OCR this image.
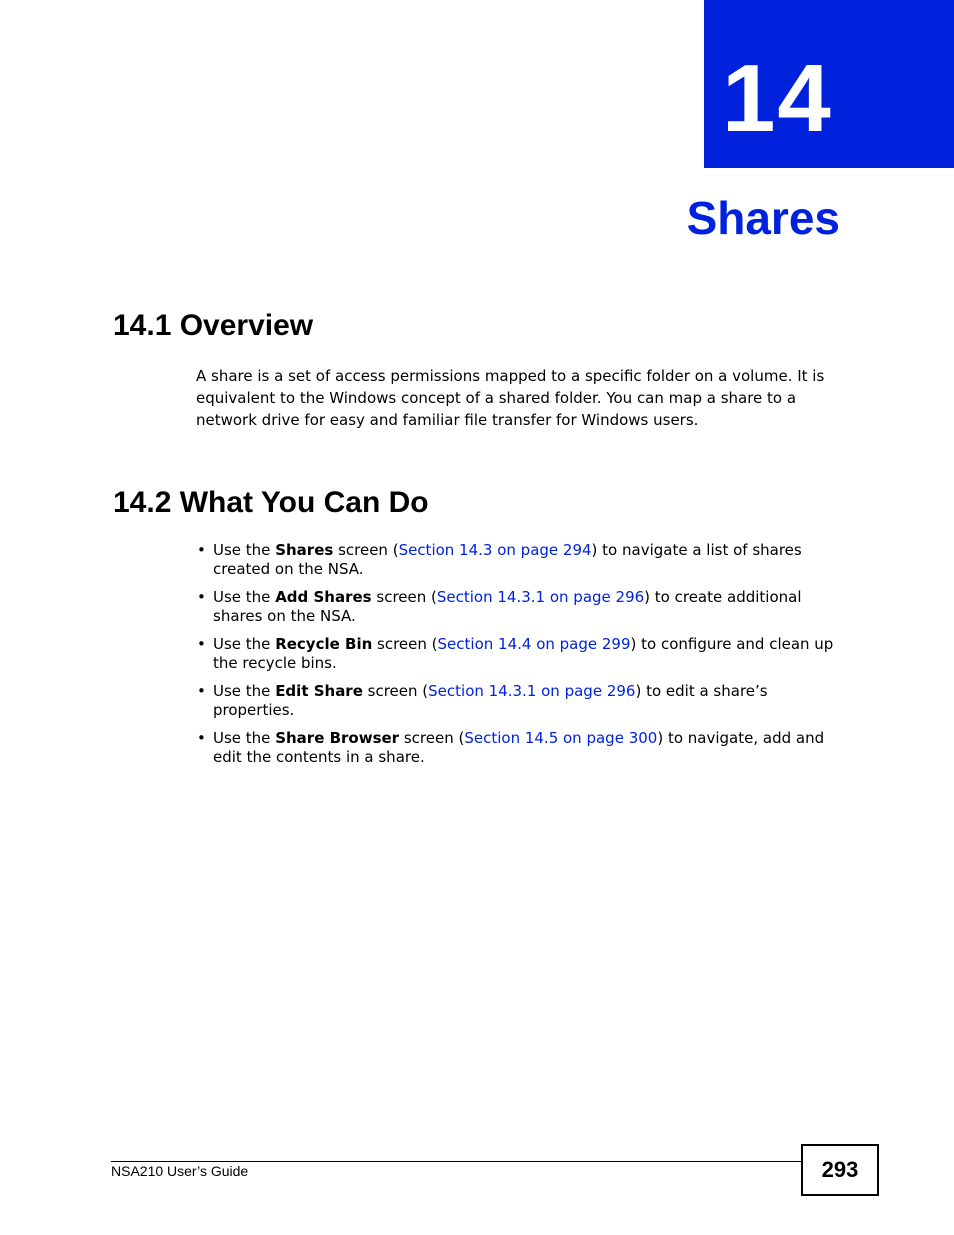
14
Shares
14.1 Overview

A share is a set of access permissions mapped to a specific folder on a volume. It is equivalent to the Windows concept of a shared folder. You can map a share to a network drive for easy and familiar file transfer for Windows users.

14.2 What You Can Do
• Use the Shares screen (Section 14.3 on page 294) to navigate a list of shares created on the NSA.
• Use the Add Shares screen (Section 14.3.1 on page 296) to create additional shares on the NSA.
• Use the Recycle Bin screen (Section 14.4 on page 299) to configure and clean up the recycle bins.
• Use the Edit Share screen (Section 14.3.1 on page 296) to edit a share’s properties.
• Use the Share Browser screen (Section 14.5 on page 300) to navigate, add and edit the contents in a share.
NSA210 User’s Guide	293
